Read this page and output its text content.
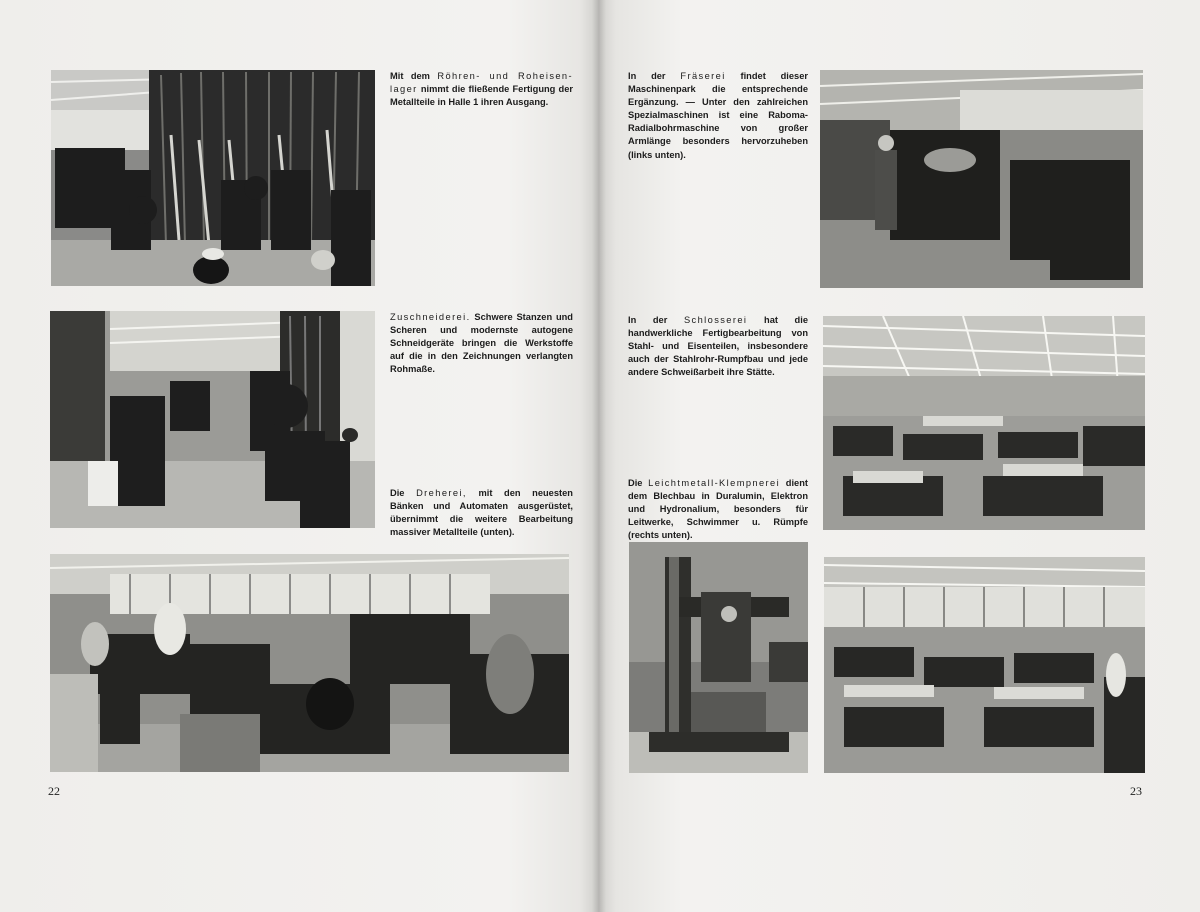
Mit dem Röhren- und Roheisen-lager nimmt die fließende Fertigung der Metallteile in Halle 1 ihren Ausgang.
Zuschneiderei. Schwere Stanzen und Scheren und modernste autogene Schneidgeräte bringen die Werkstoffe auf die in den Zeichnungen verlangten Rohmaße.
Die Dreherei, mit den neuesten Bänken und Automaten ausgerüstet, übernimmt die weitere Bearbeitung massiver Metallteile (unten).
In der Fräserei findet dieser Maschinenpark die entsprechende Ergänzung. — Unter den zahlreichen Spezialmaschinen ist eine Raboma-Radialbohrmaschine von großer Armlänge besonders hervorzuheben (links unten).
In der Schlosserei hat die handwerkliche Fertigbearbeitung von Stahl- und Eisenteilen, insbesondere auch der Stahlrohr-Rumpfbau und jede andere Schweißarbeit ihre Stätte.
Die Leichtmetall-Klempnerei dient dem Blechbau in Duralumin, Elektron und Hydronalium, besonders für Leitwerke, Schwimmer u. Rümpfe (rechts unten).
22	23
